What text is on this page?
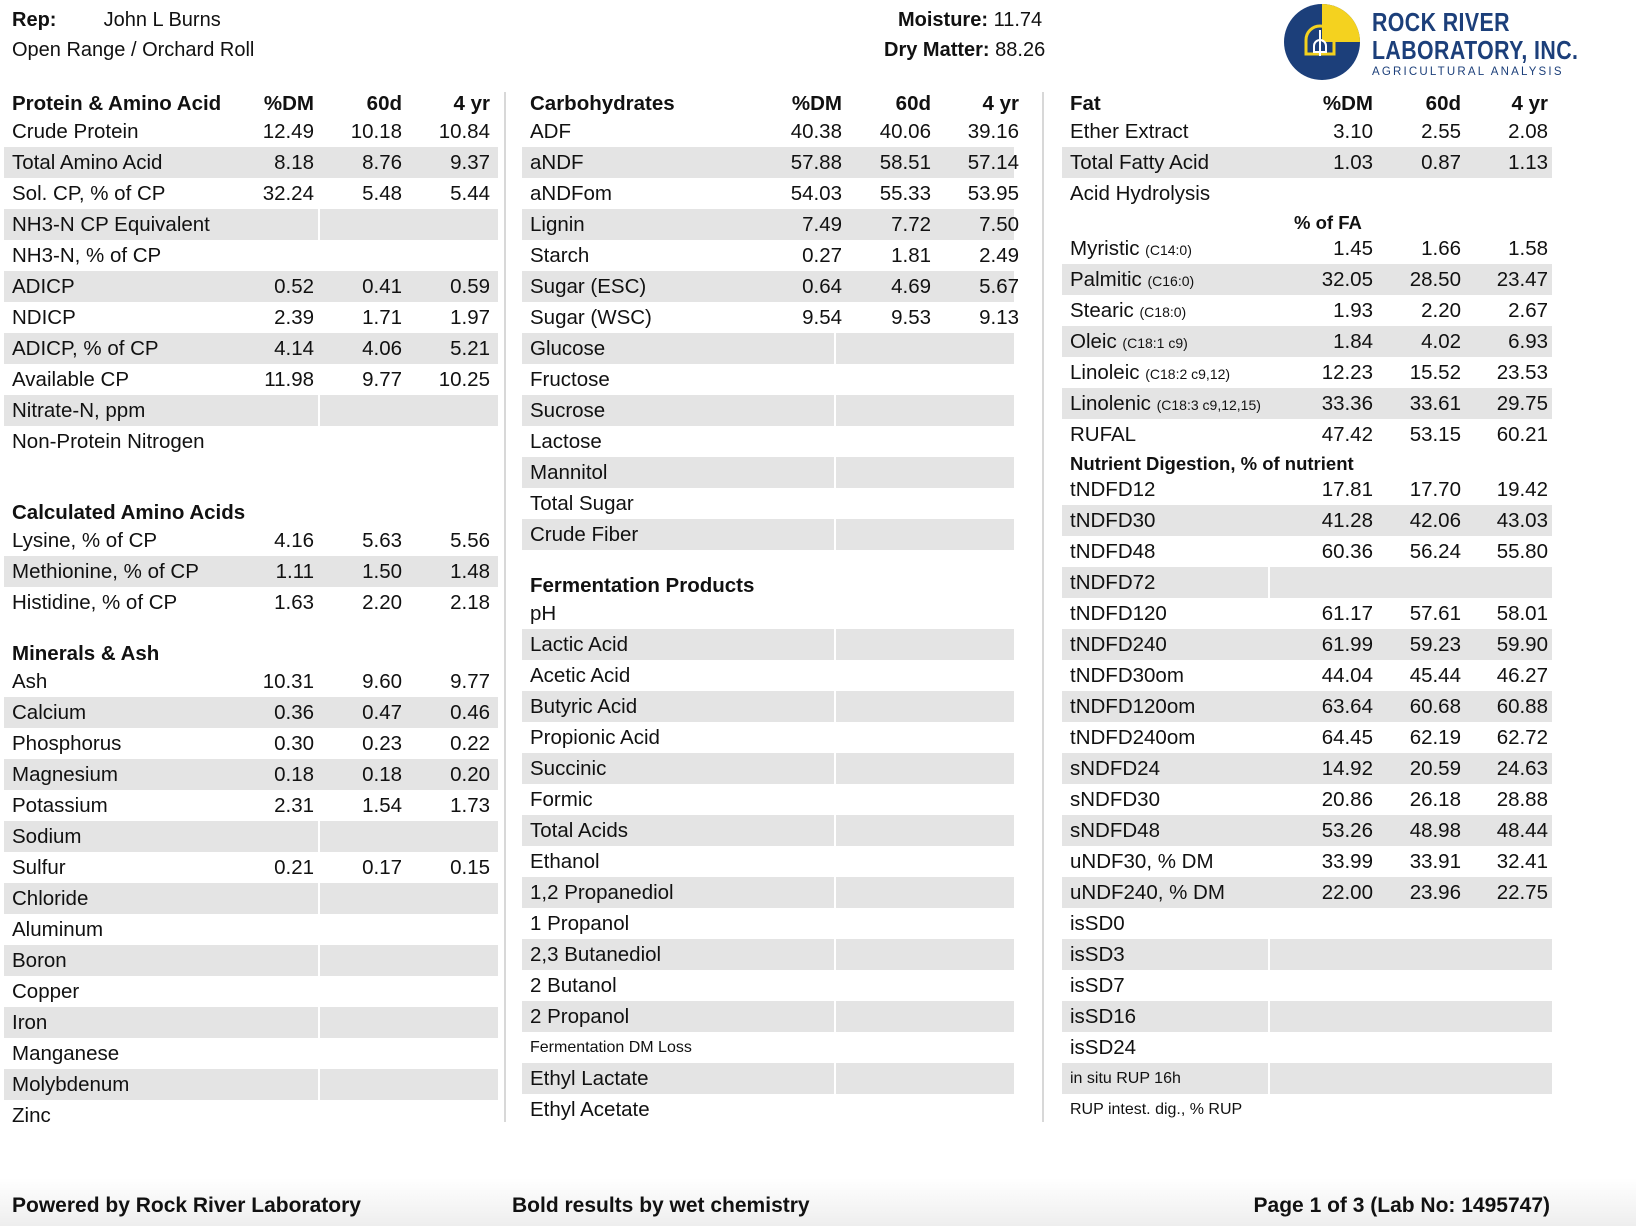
Rep: John L Burns
Open Range / Orchard Roll
Moisture: 11.74
Dry Matter: 88.26
ROCK RIVER
LABORATORY, INC.
AGRICULTURAL ANALYSIS
Protein & Amino Acid	%DM	60d	4 yr
Crude Protein	12.49	10.18	10.84
Total Amino Acid	8.18	8.76	9.37
Sol. CP, % of CP	32.24	5.48	5.44
NH3-N CP Equivalent
NH3-N, % of CP
ADICP	0.52	0.41	0.59
NDICP	2.39	1.71	1.97
ADICP, % of CP	4.14	4.06	5.21
Available CP	11.98	9.77	10.25
Nitrate-N, ppm
Non-Protein Nitrogen
Calculated Amino Acids
Lysine, % of CP	4.16	5.63	5.56
Methionine, % of CP	1.11	1.50	1.48
Histidine, % of CP	1.63	2.20	2.18
Minerals & Ash
Ash	10.31	9.60	9.77
Calcium	0.36	0.47	0.46
Phosphorus	0.30	0.23	0.22
Magnesium	0.18	0.18	0.20
Potassium	2.31	1.54	1.73
Sodium
Sulfur	0.21	0.17	0.15
Chloride
Aluminum
Boron
Copper
Iron
Manganese
Molybdenum
Zinc
Carbohydrates	%DM	60d	4 yr
ADF	40.38	40.06	39.16
aNDF	57.88	58.51	57.14
aNDFom	54.03	55.33	53.95
Lignin	7.49	7.72	7.50
Starch	0.27	1.81	2.49
Sugar (ESC)	0.64	4.69	5.67
Sugar (WSC)	9.54	9.53	9.13
Glucose
Fructose
Sucrose
Lactose
Mannitol
Total Sugar
Crude Fiber
Fermentation Products
pH
Lactic Acid
Acetic Acid
Butyric Acid
Propionic Acid
Succinic
Formic
Total Acids
Ethanol
1,2 Propanediol
1 Propanol
2,3 Butanediol
2 Butanol
2 Propanol
Fermentation DM Loss
Ethyl Lactate
Ethyl Acetate
Fat	%DM	60d	4 yr
Ether Extract	3.10	2.55	2.08
Total Fatty Acid	1.03	0.87	1.13
Acid Hydrolysis
% of FA
Myristic (C14:0)	1.45	1.66	1.58
Palmitic (C16:0)	32.05	28.50	23.47
Stearic (C18:0)	1.93	2.20	2.67
Oleic (C18:1 c9)	1.84	4.02	6.93
Linoleic (C18:2 c9,12)	12.23	15.52	23.53
Linolenic (C18:3 c9,12,15)	33.36	33.61	29.75
RUFAL	47.42	53.15	60.21
Nutrient Digestion, % of nutrient
tNDFD12	17.81	17.70	19.42
tNDFD30	41.28	42.06	43.03
tNDFD48	60.36	56.24	55.80
tNDFD72
tNDFD120	61.17	57.61	58.01
tNDFD240	61.99	59.23	59.90
tNDFD30om	44.04	45.44	46.27
tNDFD120om	63.64	60.68	60.88
tNDFD240om	64.45	62.19	62.72
sNDFD24	14.92	20.59	24.63
sNDFD30	20.86	26.18	28.88
sNDFD48	53.26	48.98	48.44
uNDF30, % DM	33.99	33.91	32.41
uNDF240, % DM	22.00	23.96	22.75
isSD0
isSD3
isSD7
isSD16
isSD24
in situ RUP 16h
RUP intest. dig., % RUP
Powered by Rock River Laboratory	Bold results by wet chemistry	Page 1 of 3 (Lab No: 1495747)
